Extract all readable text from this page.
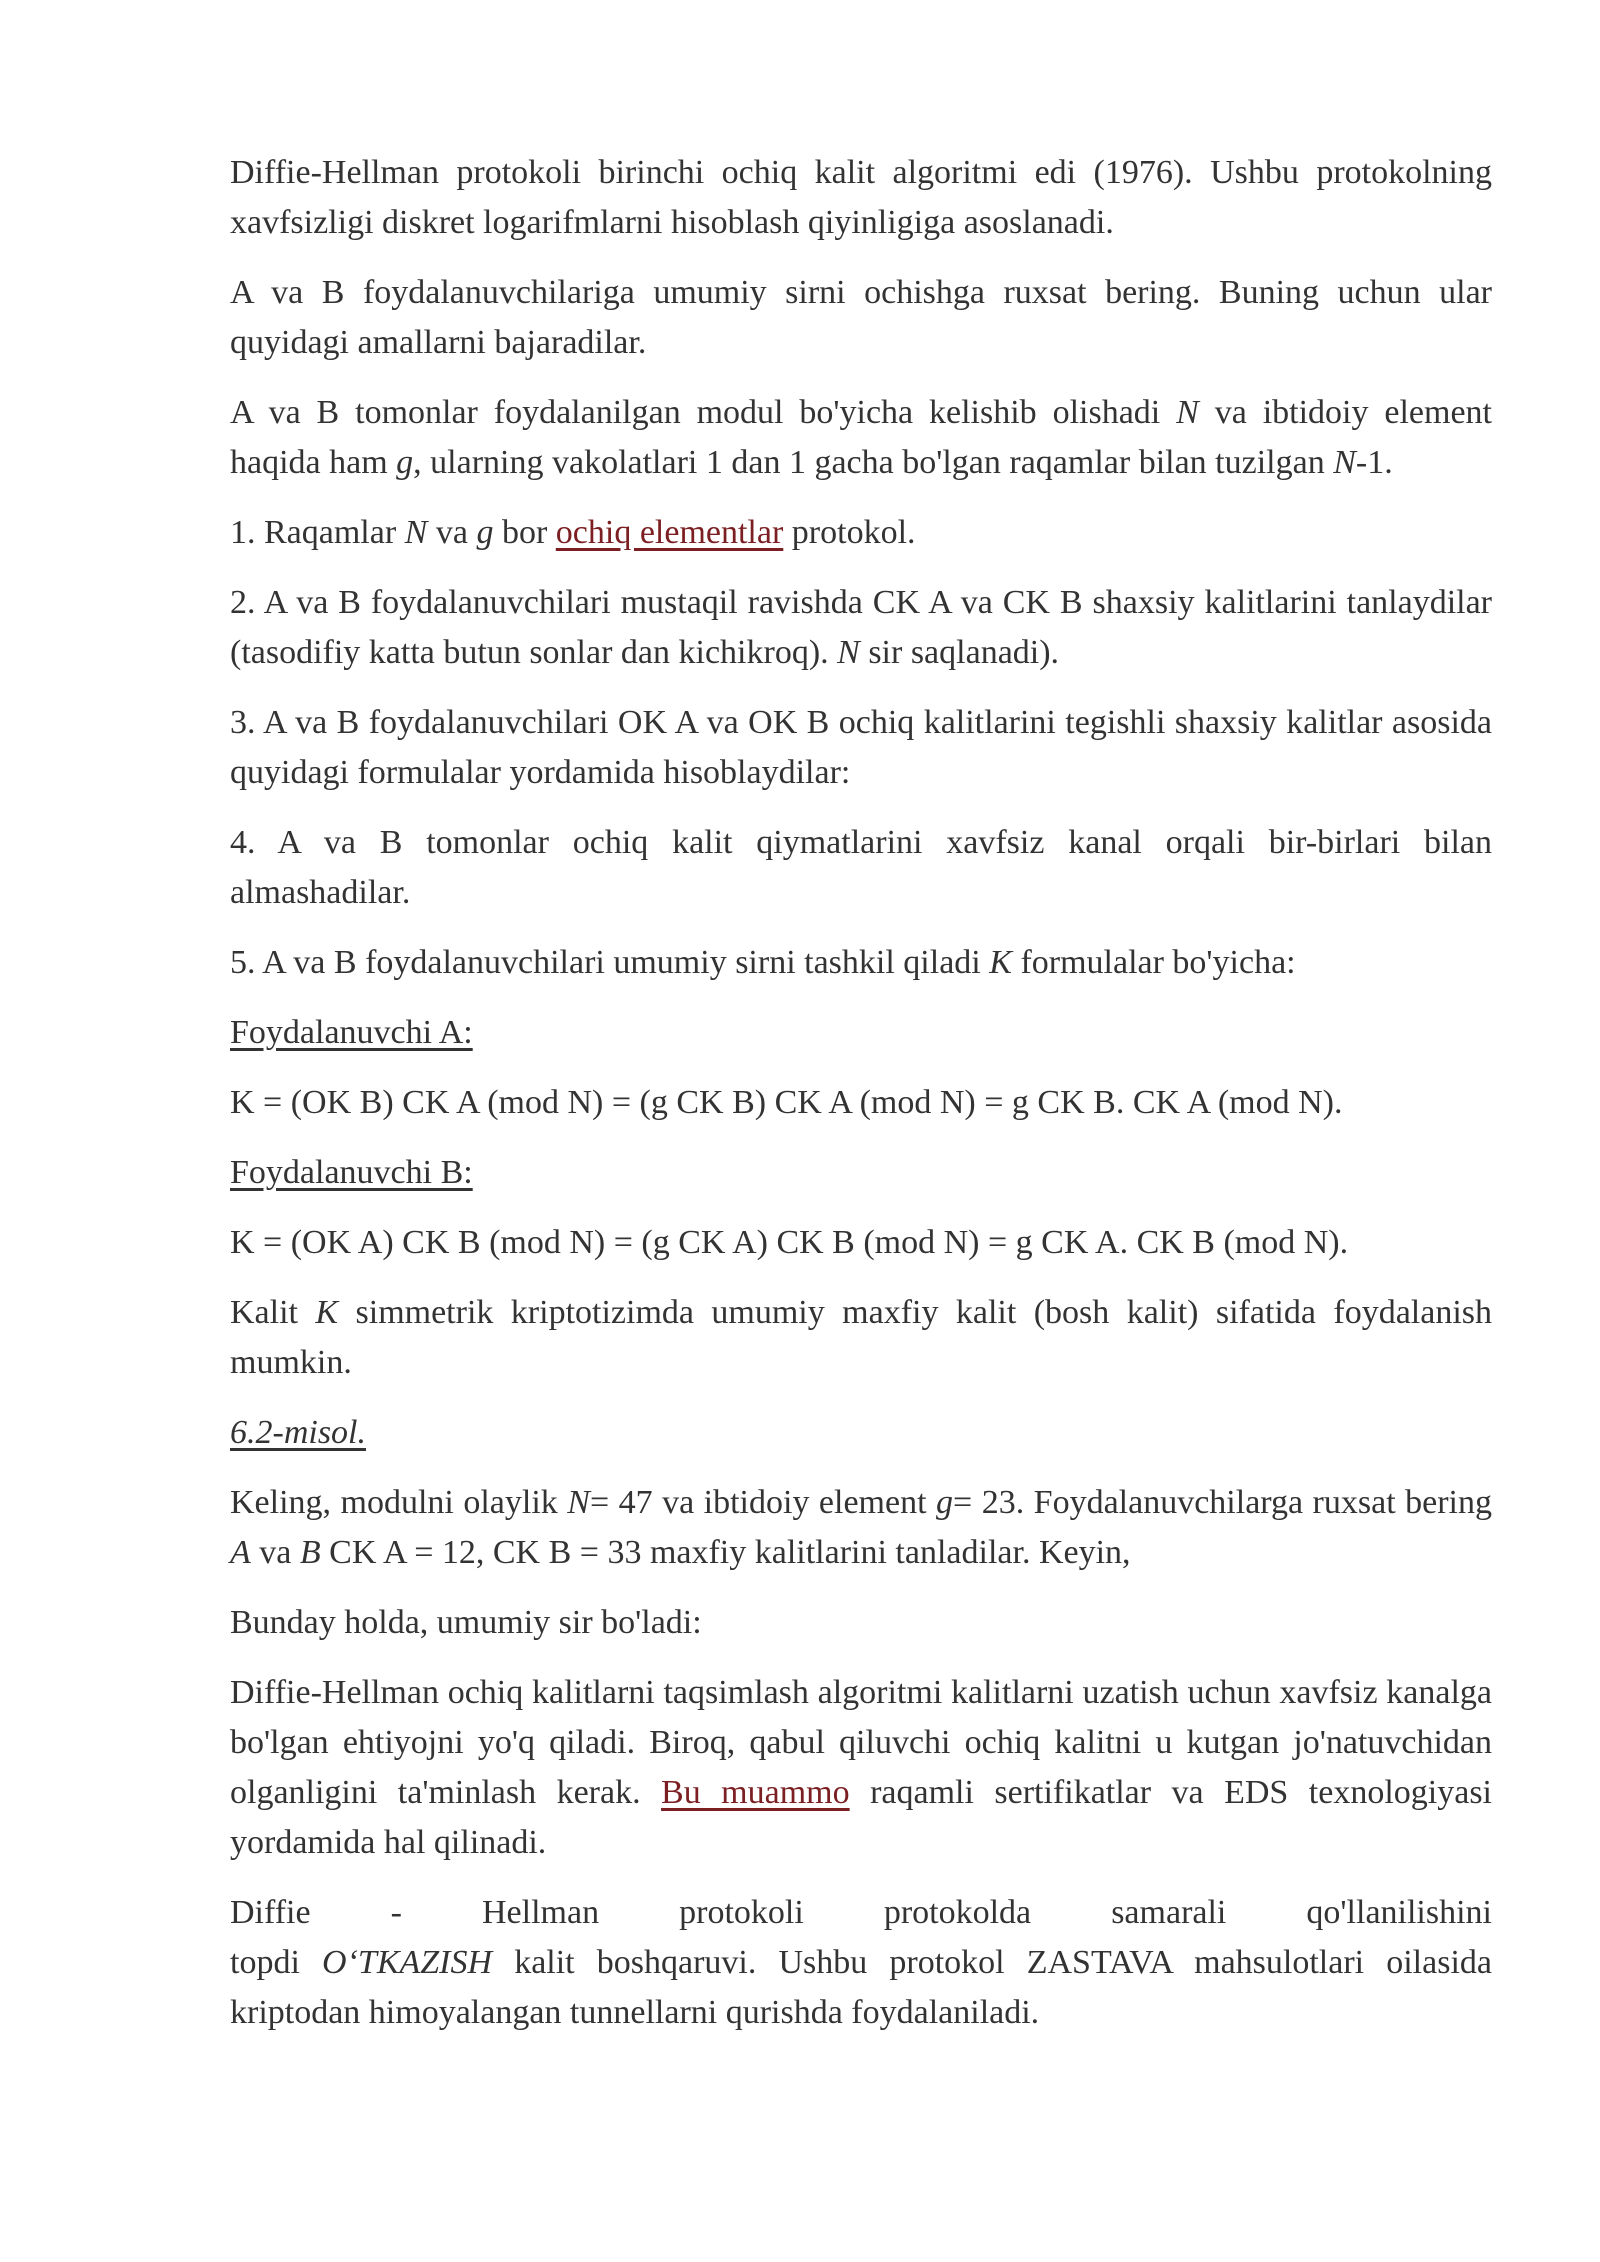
Diffie-Hellman protokoli birinchi ochiq kalit algoritmi edi (1976). Ushbu protokolning xavfsizligi diskret logarifmlarni hisoblash qiyinligiga asoslanadi.

A va B foydalanuvchilariga umumiy sirni ochishga ruxsat bering. Buning uchun ular quyidagi amallarni bajaradilar.

A va B tomonlar foydalanilgan modul bo'yicha kelishib olishadi N va ibtidoiy element haqida ham g, ularning vakolatlari 1 dan 1 gacha bo'lgan raqamlar bilan tuzilgan N-1.

1. Raqamlar N va g bor ochiq elementlar protokol.

2. A va B foydalanuvchilari mustaqil ravishda CK A va CK B shaxsiy kalitlarini tanlaydilar (tasodifiy katta butun sonlar dan kichikroq). N sir saqlanadi).

3. A va B foydalanuvchilari OK A va OK B ochiq kalitlarini tegishli shaxsiy kalitlar asosida quyidagi formulalar yordamida hisoblaydilar:

4. A va B tomonlar ochiq kalit qiymatlarini xavfsiz kanal orqali bir-birlari bilan almashadilar.

5. A va B foydalanuvchilari umumiy sirni tashkil qiladi K formulalar bo'yicha:

Foydalanuvchi A:

K = (OK B) CK A (mod N) = (g CK B) CK A (mod N) = g CK B. CK A (mod N).

Foydalanuvchi B:

K = (OK A) CK B (mod N) = (g CK A) CK B (mod N) = g CK A. CK B (mod N).

Kalit K simmetrik kriptotizimda umumiy maxfiy kalit (bosh kalit) sifatida foydalanish mumkin.

6.2-misol.

Keling, modulni olaylik N= 47 va ibtidoiy element g= 23. Foydalanuvchilarga ruxsat bering A va B CK A = 12, CK B = 33 maxfiy kalitlarini tanladilar. Keyin,

Bunday holda, umumiy sir bo'ladi:

Diffie-Hellman ochiq kalitlarni taqsimlash algoritmi kalitlarni uzatish uchun xavfsiz kanalga bo'lgan ehtiyojni yo'q qiladi. Biroq, qabul qiluvchi ochiq kalitni u kutgan jo'natuvchidan olganligini ta'minlash kerak. Bu muammo raqamli sertifikatlar va EDS texnologiyasi yordamida hal qilinadi.

Diffie - Hellman protokoli protokolda samarali qo'llanilishini
topdi O‘TKAZISH kalit boshqaruvi. Ushbu protokol ZASTAVA mahsulotlari oilasida kriptodan himoyalangan tunnellarni qurishda foydalaniladi.
